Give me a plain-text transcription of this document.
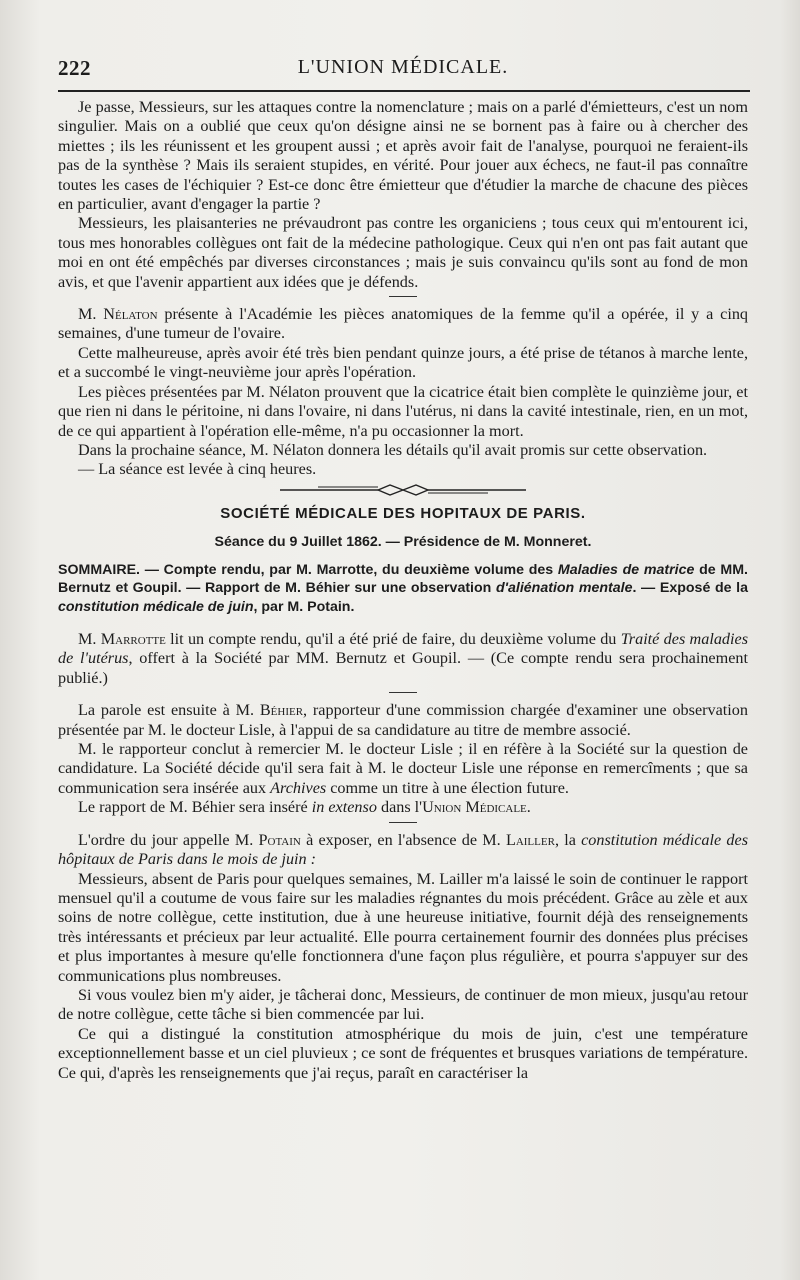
222	L'UNION MÉDICALE.

Je passe, Messieurs, sur les attaques contre la nomenclature ; mais on a parlé d'émietteurs, c'est un nom singulier. Mais on a oublié que ceux qu'on désigne ainsi ne se bornent pas à faire ou à chercher des miettes ; ils les réunissent et les groupent aussi ; et après avoir fait de l'analyse, pourquoi ne feraient-ils pas de la synthèse ? Mais ils seraient stupides, en vérité. Pour jouer aux échecs, ne faut-il pas connaître toutes les cases de l'échiquier ? Est-ce donc être émietteur que d'étudier la marche de chacune des pièces en particulier, avant d'engager la partie ?

Messieurs, les plaisanteries ne prévaudront pas contre les organiciens ; tous ceux qui m'entourent ici, tous mes honorables collègues ont fait de la médecine pathologique. Ceux qui n'en ont pas fait autant que moi en ont été empêchés par diverses circonstances ; mais je suis convaincu qu'ils sont au fond de mon avis, et que l'avenir appartient aux idées que je défends.

M. Nélaton présente à l'Académie les pièces anatomiques de la femme qu'il a opérée, il y a cinq semaines, d'une tumeur de l'ovaire.

Cette malheureuse, après avoir été très bien pendant quinze jours, a été prise de tétanos à marche lente, et a succombé le vingt-neuvième jour après l'opération.

Les pièces présentées par M. Nélaton prouvent que la cicatrice était bien complète le quinzième jour, et que rien ni dans le péritoine, ni dans l'ovaire, ni dans l'utérus, ni dans la cavité intestinale, rien, en un mot, de ce qui appartient à l'opération elle-même, n'a pu occasionner la mort.

Dans la prochaine séance, M. Nélaton donnera les détails qu'il avait promis sur cette observation.

— La séance est levée à cinq heures.

SOCIÉTÉ MÉDICALE DES HOPITAUX DE PARIS.
Séance du 9 Juillet 1862. — Présidence de M. Monneret.
SOMMAIRE. — Compte rendu, par M. Marrotte, du deuxième volume des Maladies de matrice de MM. Bernutz et Goupil. — Rapport de M. Béhier sur une observation d'aliénation mentale. — Exposé de la constitution médicale de juin, par M. Potain.

M. Marrotte lit un compte rendu, qu'il a été prié de faire, du deuxième volume du Traité des maladies de l'utérus, offert à la Société par MM. Bernutz et Goupil. — (Ce compte rendu sera prochainement publié.)

La parole est ensuite à M. Béhier, rapporteur d'une commission chargée d'examiner une observation présentée par M. le docteur Lisle, à l'appui de sa candidature au titre de membre associé.

M. le rapporteur conclut à remercier M. le docteur Lisle ; il en réfère à la Société sur la question de candidature. La Société décide qu'il sera fait à M. le docteur Lisle une réponse en remercîments ; que sa communication sera insérée aux Archives comme un titre à une élection future.

Le rapport de M. Béhier sera inséré in extenso dans l'Union Médicale.

L'ordre du jour appelle M. Potain à exposer, en l'absence de M. Lailler, la constitution médicale des hôpitaux de Paris dans le mois de juin :

Messieurs, absent de Paris pour quelques semaines, M. Lailler m'a laissé le soin de continuer le rapport mensuel qu'il a coutume de vous faire sur les maladies régnantes du mois précédent. Grâce au zèle et aux soins de notre collègue, cette institution, due à une heureuse initiative, fournit déjà des renseignements très intéressants et précieux par leur actualité. Elle pourra certainement fournir des données plus précises et plus importantes à mesure qu'elle fonctionnera d'une façon plus régulière, et pourra s'appuyer sur des communications plus nombreuses.

Si vous voulez bien m'y aider, je tâcherai donc, Messieurs, de continuer de mon mieux, jusqu'au retour de notre collègue, cette tâche si bien commencée par lui.

Ce qui a distingué la constitution atmosphérique du mois de juin, c'est une température exceptionnellement basse et un ciel pluvieux ; ce sont de fréquentes et brusques variations de température. Ce qui, d'après les renseignements que j'ai reçus, paraît en caractériser la
